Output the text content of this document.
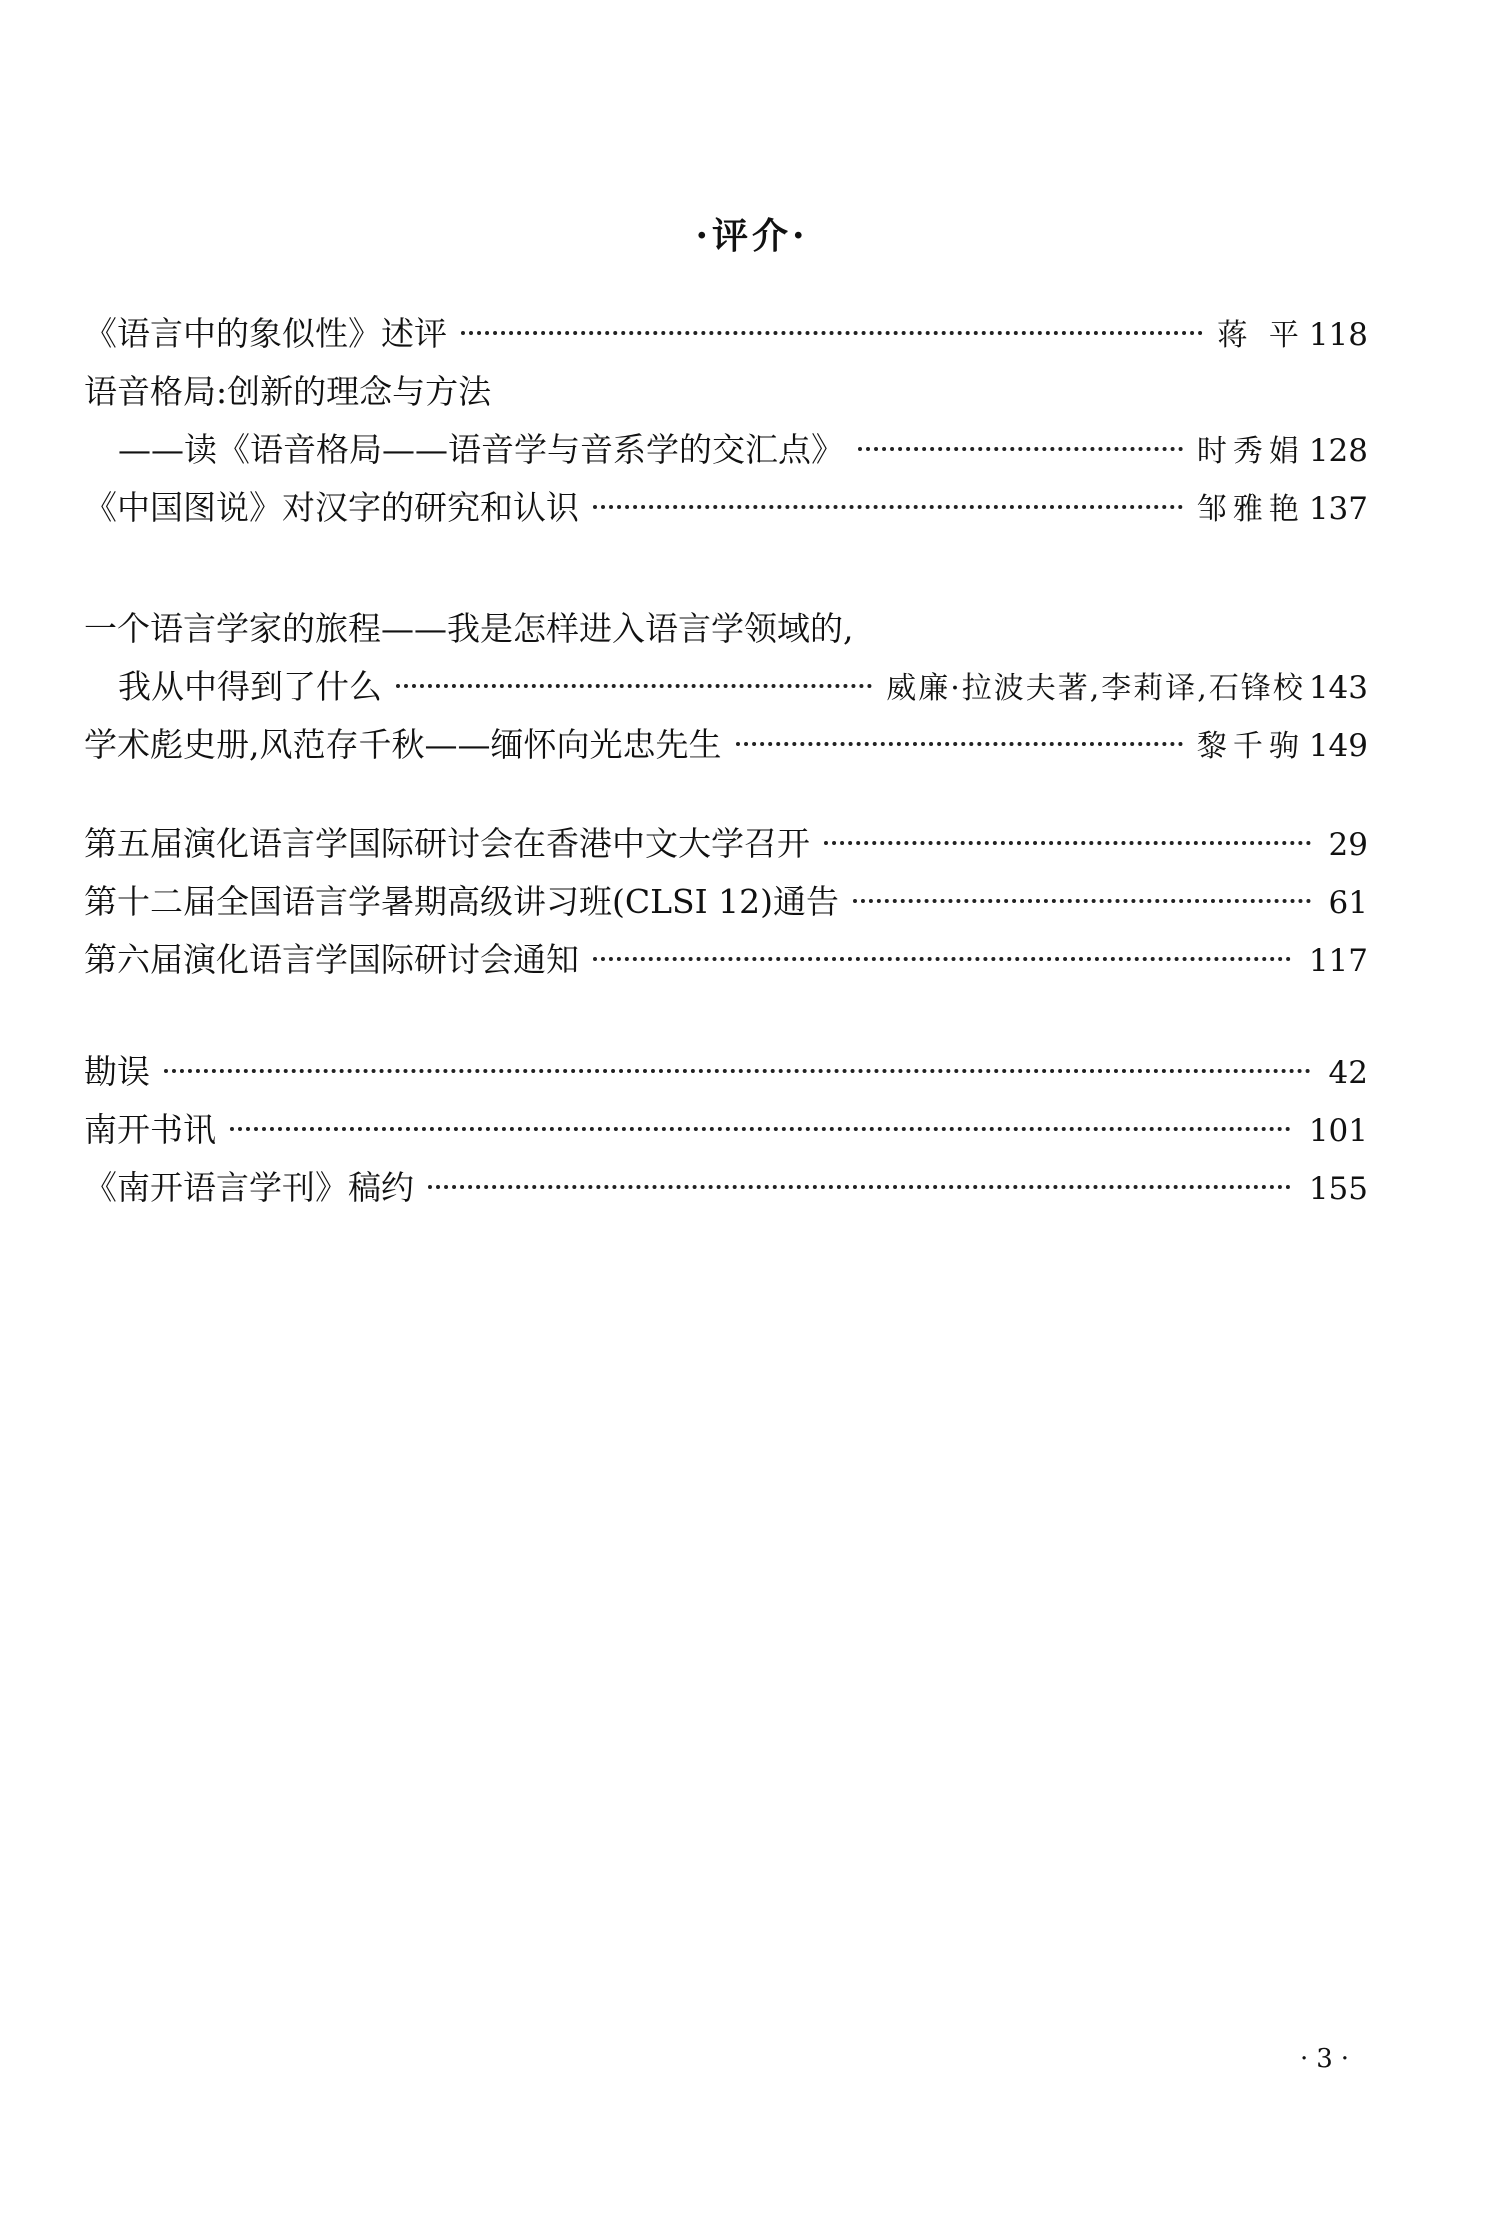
·评介·
《语言中的象似性》述评	蒋 平 118
语音格局:创新的理念与方法
——读《语音格局——语音学与音系学的交汇点》	时秀娟 128
《中国图说》对汉字的研究和认识	邹雅艳 137
一个语言学家的旅程——我是怎样进入语言学领域的,
我从中得到了什么	威廉·拉波夫著,李莉译,石锋校 143
学术彪史册,风范存千秋——缅怀向光忠先生	黎千驹 149
第五届演化语言学国际研讨会在香港中文大学召开	29
第十二届全国语言学暑期高级讲习班(CLSI 12)通告	61
第六届演化语言学国际研讨会通知	117
勘误	42
南开书讯	101
《南开语言学刊》稿约	155
·3·
